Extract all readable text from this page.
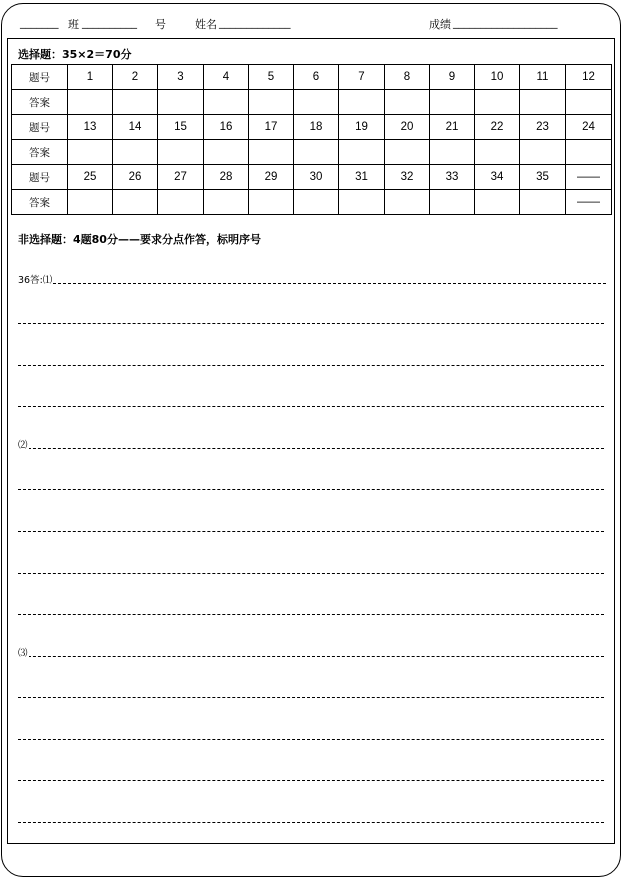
_______ 班 __________ 号	姓名 _____________	成绩 ___________________
选择题：35×2＝70分
题号	1	2	3	4	5	6	7	8	9	10	11	12
答案												
题号	13	14	15	16	17	18	19	20	21	22	23	24
答案												
题号	25	26	27	28	29	30	31	32	33	34	35	——
答案												——
非选择题：4题80分——要求分点作答，标明序号
36答:⑴
⑵
⑶
